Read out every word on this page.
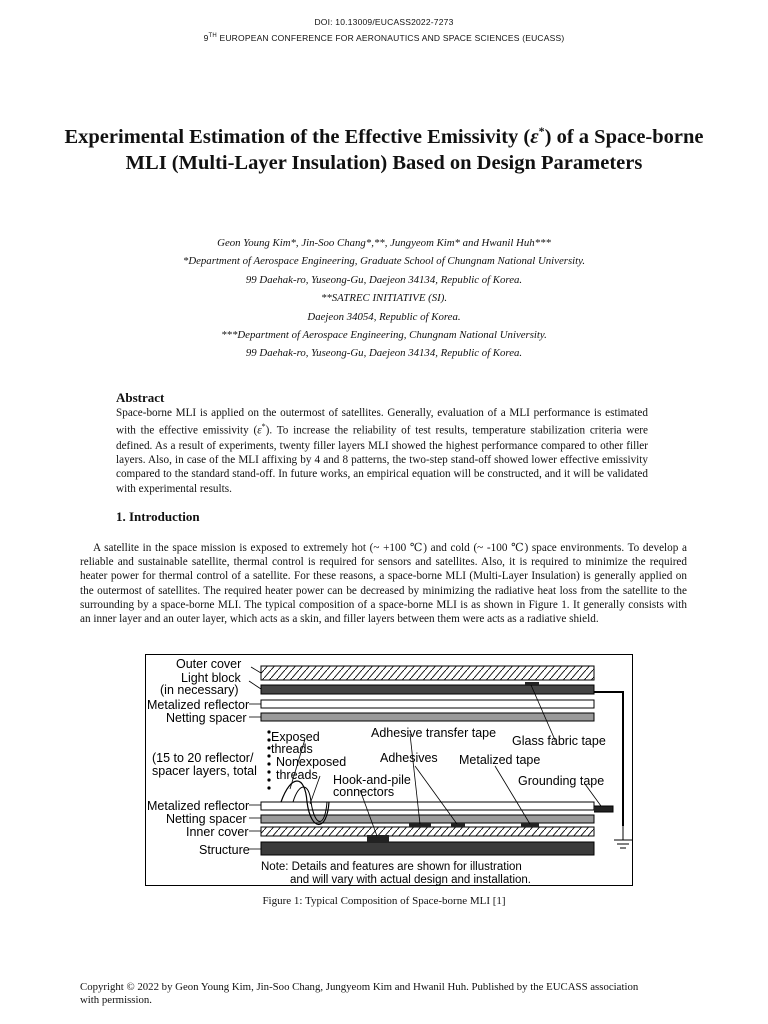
DOI: 10.13009/EUCASS2022-7273
9TH EUROPEAN CONFERENCE FOR AERONAUTICS AND SPACE SCIENCES (EUCASS)
Experimental Estimation of the Effective Emissivity (ε*) of a Space-borne MLI (Multi-Layer Insulation) Based on Design Parameters
Geon Young Kim*, Jin-Soo Chang*,**, Jungyeom Kim* and Hwanil Huh***
*Department of Aerospace Engineering, Graduate School of Chungnam National University.
99 Daehak-ro, Yuseong-Gu, Daejeon 34134, Republic of Korea.
**SATREC INITIATIVE (SI).
Daejeon 34054, Republic of Korea.
***Department of Aerospace Engineering, Chungnam National University.
99 Daehak-ro, Yuseong-Gu, Daejeon 34134, Republic of Korea.
Abstract
Space-borne MLI is applied on the outermost of satellites. Generally, evaluation of a MLI performance is estimated with the effective emissivity (ε*). To increase the reliability of test results, temperature stabilization criteria were defined. As a result of experiments, twenty filler layers MLI showed the highest performance compared to other filler layers. Also, in case of the MLI affixing by 4 and 8 patterns, the two-step stand-off showed lower effective emissivity compared to the standard stand-off. In future works, an empirical equation will be constructed, and it will be validated with experimental results.
1. Introduction
A satellite in the space mission is exposed to extremely hot (~ +100 ℃) and cold (~ -100 ℃) space environments. To develop a reliable and sustainable satellite, thermal control is required for sensors and satellites. Also, it is required to minimize the required heater power for thermal control of a satellite. For these reasons, a space-borne MLI (Multi-Layer Insulation) is generally applied on the outermost of satellites. The required heater power can be decreased by minimizing the radiative heat loss from the satellite to the surrounding by a space-borne MLI. The typical composition of a space-borne MLI is as shown in Figure 1. It generally consists with an inner layer and an outer layer, which acts as a skin, and filler layers between them were acts as a radiative shield.
Outer cover
Light block
(in necessary)
Metalized reflector
Netting spacer
Exposed
threads
(15 to 20 reflector/
spacer layers, total
Nonexposed
threads Hook-and-pile
connectors
Adhesive transfer tape
Adhesives Metalized tape
Glass fabric tape
Grounding tape
Metalized reflector
Netting spacer
Inner cover
Structure
Note: Details and features are shown for illustration
and will vary with actual design and installation.
Figure 1: Typical Composition of Space-borne MLI [1]
Copyright © 2022 by Geon Young Kim, Jin-Soo Chang, Jungyeom Kim and Hwanil Huh. Published by the EUCASS association with permission.
